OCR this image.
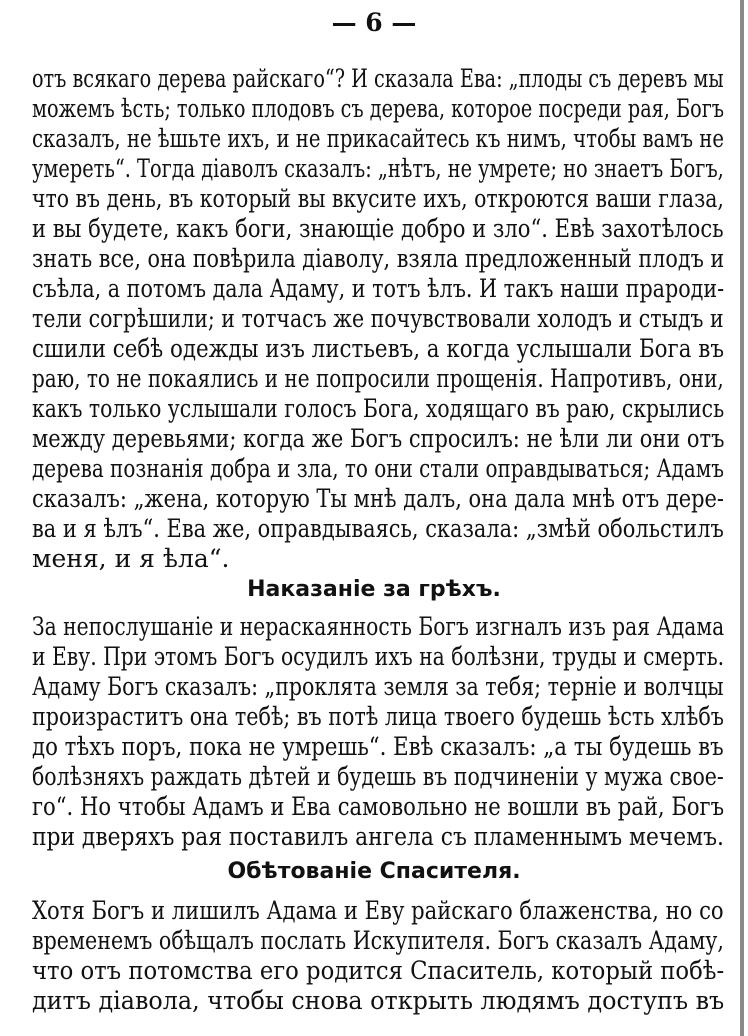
— 6 —
отъ всякаго дерева райскаго“? И сказала Ева: „плоды съ деревъ мы
можемъ ѣсть; только плодовъ съ дерева, которое посреди рая, Богъ
сказалъ, не ѣшьте ихъ, и не прикасайтесь къ нимъ, чтобы вамъ не
умереть“. Тогда діаволъ сказалъ: „нѣтъ, не умрете; но знаетъ Богъ,
что въ день, въ который вы вкусите ихъ, откроются ваши глаза,
и вы будете, какъ боги, знающіе добро и зло“. Евѣ захотѣлось
знать все, она повѣрила діаволу, взяла предложенный плодъ и
съѣла, а потомъ дала Адаму, и тотъ ѣлъ. И такъ наши прароди-
тели согрѣшили; и тотчасъ же почувствовали холодъ и стыдъ и
сшили себѣ одежды изъ листьевъ, а когда услышали Бога въ
раю, то не покаялись и не попросили прощенія. Напротивъ, они,
какъ только услышали голосъ Бога, ходящаго въ раю, скрылись
между деревьями; когда же Богъ спросилъ: не ѣли ли они отъ
дерева познанія добра и зла, то они стали оправдываться; Адамъ
сказалъ: „жена, которую Ты мнѣ далъ, она дала мнѣ отъ дере-
ва и я ѣлъ“. Ева же, оправдываясь, сказала: „змѣй обольстилъ
меня, и я ѣла“.
Наказаніе за грѣхъ.
За непослушаніе и нераскаянность Богъ изгналъ изъ рая Адама
и Еву. При этомъ Богъ осудилъ ихъ на болѣзни, труды и смерть.
Адаму Богъ сказалъ: „проклята земля за тебя; терніе и волчцы
произраститъ она тебѣ; въ потѣ лица твоего будешь ѣсть хлѣбъ
до тѣхъ поръ, пока не умрешь“. Евѣ сказалъ: „а ты будешь въ
болѣзняхъ раждать дѣтей и будешь въ подчиненіи у мужа свое-
го“. Но чтобы Адамъ и Ева самовольно не вошли въ рай, Богъ
при дверяхъ рая поставилъ ангела съ пламеннымъ мечемъ.
Обѣтованіе Спасителя.
Хотя Богъ и лишилъ Адама и Еву райскаго блаженства, но со
временемъ обѣщалъ послать Искупителя. Богъ сказалъ Адаму,
что отъ потомства его родится Спаситель, который побѣ-
дитъ діавола, чтобы снова открыть людямъ доступъ въ
